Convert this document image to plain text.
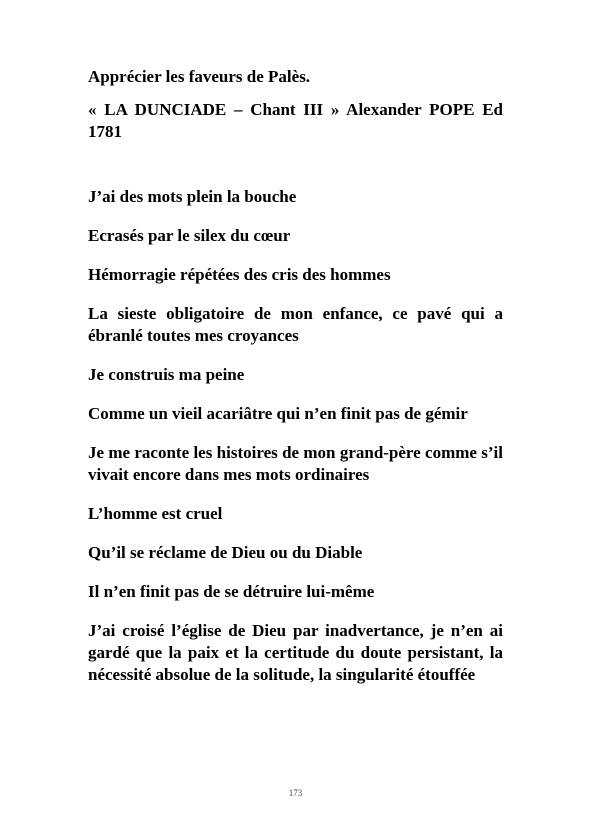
Apprécier les faveurs de Palès.

« LA DUNCIADE – Chant III » Alexander POPE Ed 1781

J’ai des mots plein la bouche

Ecrasés par le silex du cœur

Hémorragie répétées des cris des hommes

La sieste obligatoire de mon enfance, ce pavé qui a ébranlé toutes mes croyances

Je construis ma peine

Comme un vieil acariâtre qui n’en finit pas de gémir

Je me raconte les histoires de mon grand-père comme s’il vivait encore dans mes mots ordinaires

L’homme est cruel

Qu’il se réclame de Dieu ou du Diable

Il n’en finit pas de se détruire lui-même

J’ai croisé l’église de Dieu par inadvertance, je n’en ai gardé que la paix et la certitude du doute persistant, la nécessité absolue de la solitude, la singularité étouffée

173
